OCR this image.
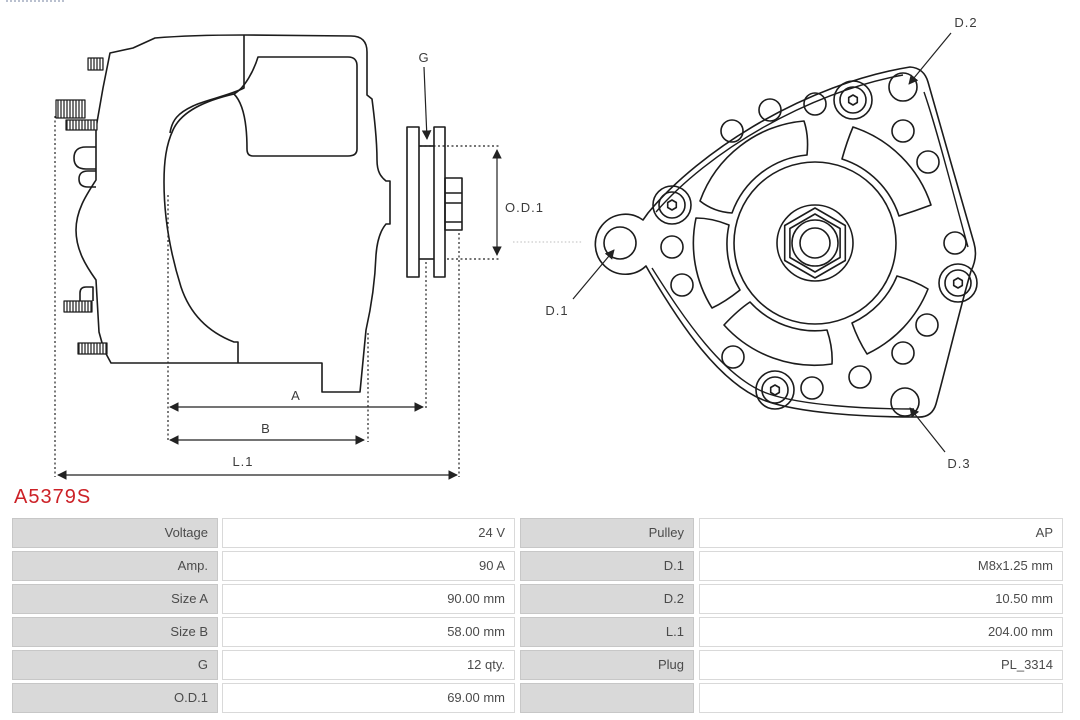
G
O.D.1
A
B
L.1
D.2
D.1
D.3
A5379S
Voltage	24 V	Pulley	AP
Amp.	90 A	D.1	M8x1.25 mm
Size A	90.00 mm	D.2	10.50 mm
Size B	58.00 mm	L.1	204.00 mm
G	12 qty.	Plug	PL_3314
O.D.1	69.00 mm
